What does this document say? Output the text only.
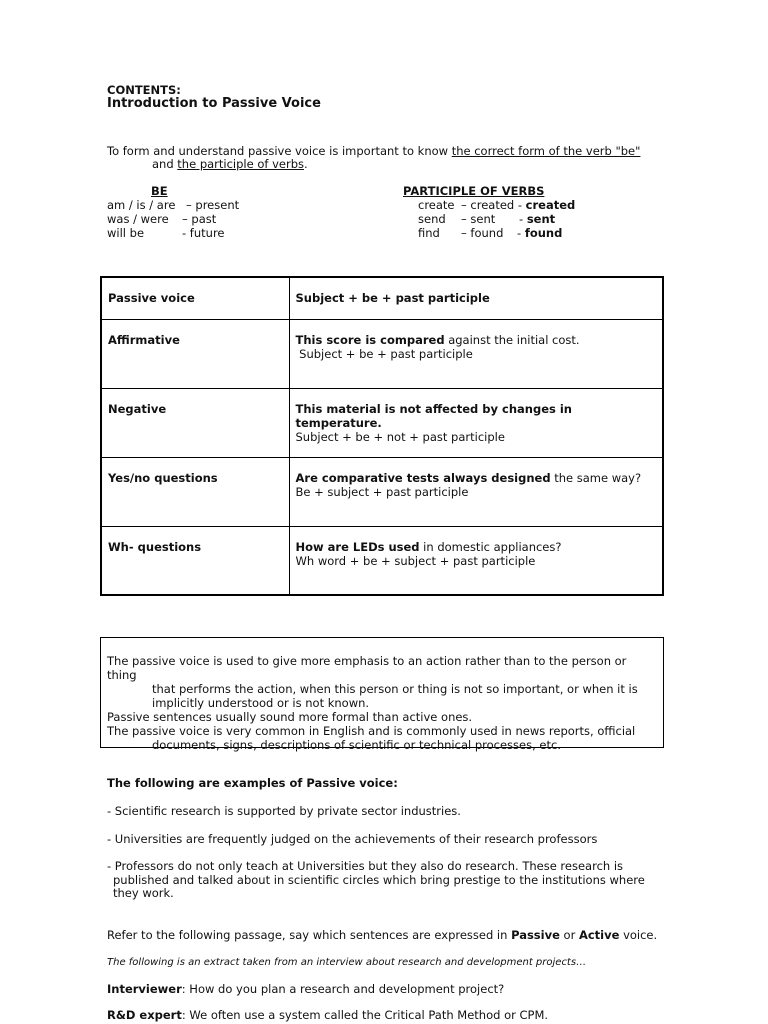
CONTENTS:
Introduction to Passive Voice
To form and understand passive voice is important to know the correct form of the verb "be"
and the participle of verbs.
BE
am / is / are – present
was / were – past
will be	- future
PARTICIPLE OF VERBS
create – created - created
send – sent - sent
find – found - found
Passive voice	Subject + be + past participle
Affirmative	This score is compared against the initial cost.
Subject + be + past participle
Negative	This material is not affected by changes in temperature.
Subject + be + not + past participle
Yes/no questions	Are comparative tests always designed the same way?
Be + subject + past participle
Wh- questions	How are LEDs used in domestic appliances?
Wh word + be + subject + past participle
The passive voice is used to give more emphasis to an action rather than to the person or thing
that performs the action, when this person or thing is not so important, or when it is
implicitly understood or is not known.
Passive sentences usually sound more formal than active ones.
The passive voice is very common in English and is commonly used in news reports, official
documents, signs, descriptions of scientific or technical processes, etc.
The following are examples of Passive voice:
- Scientific research is supported by private sector industries.
- Universities are frequently judged on the achievements of their research professors
- Professors do not only teach at Universities but they also do research. These research is
published and talked about in scientific circles which bring prestige to the institutions where
they work.
Refer to the following passage, say which sentences are expressed in Passive or Active voice.
The following is an extract taken from an interview about research and development projects…
Interviewer: How do you plan a research and development project?
R&D expert: We often use a system called the Critical Path Method or CPM.
